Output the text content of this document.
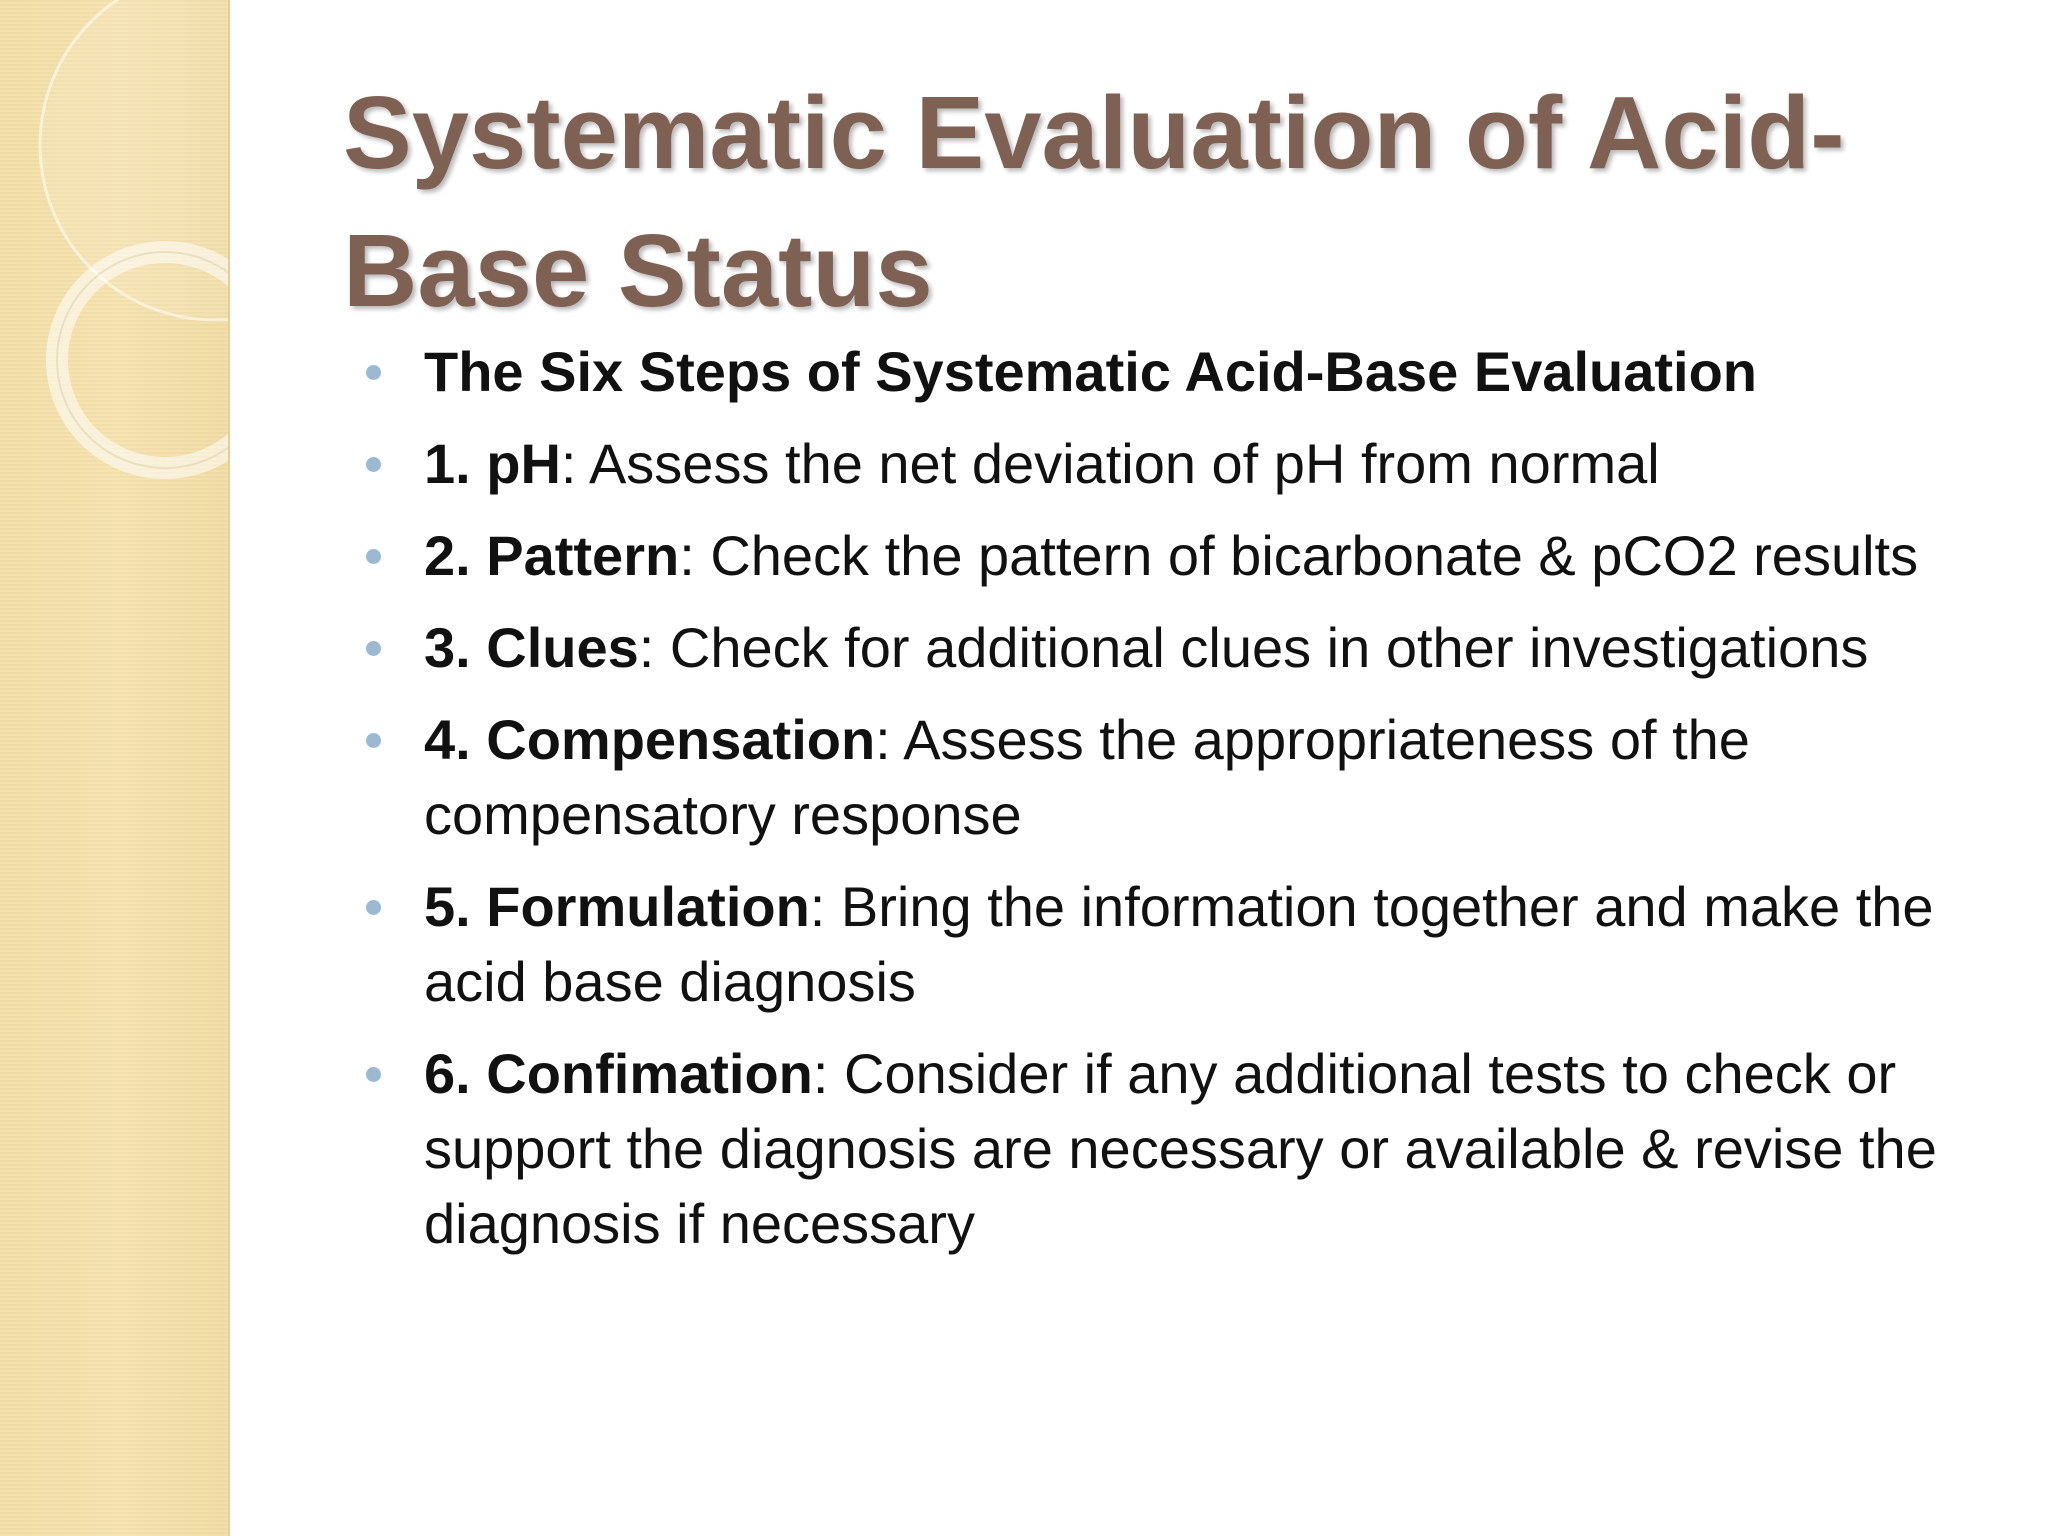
Systematic Evaluation of Acid-Base Status
The Six Steps of Systematic Acid-Base Evaluation
1. pH: Assess the net deviation of pH from normal
2. Pattern: Check the pattern of bicarbonate & pCO2 results
3. Clues: Check for additional clues in other investigations
4. Compensation: Assess the appropriateness of the compensatory response
5. Formulation: Bring the information together and make the acid base diagnosis
6. Confimation: Consider if any additional tests to check or support the diagnosis are necessary or available & revise the diagnosis if necessary
